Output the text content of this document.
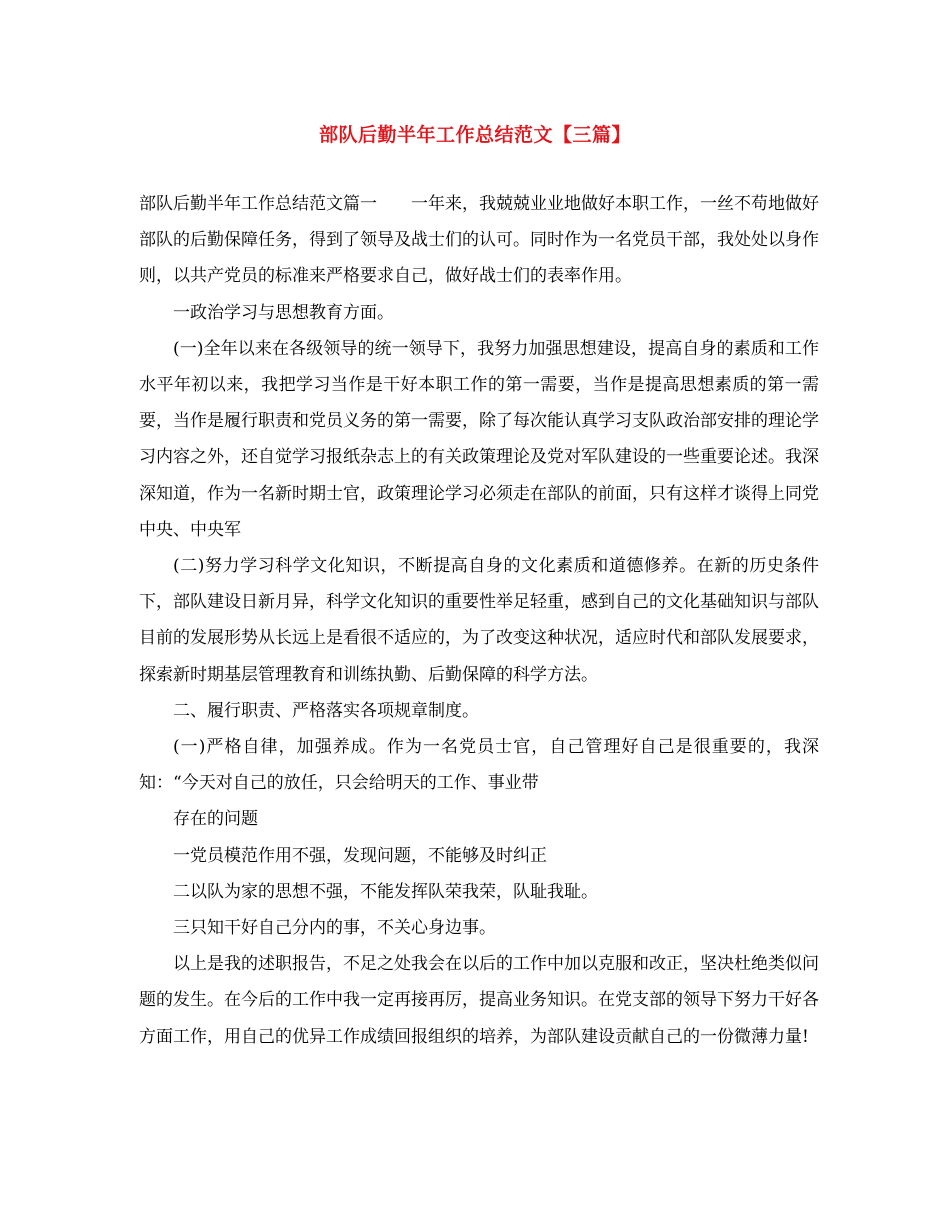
部队后勤半年工作总结范文【三篇】

部队后勤半年工作总结范文篇一 一年来，我兢兢业业地做好本职工作，一丝不苟地做好部队的后勤保障任务，得到了领导及战士们的认可。同时作为一名党员干部，我处处以身作则，以共产党员的标准来严格要求自己，做好战士们的表率作用。

一政治学习与思想教育方面。

(一)全年以来在各级领导的统一领导下，我努力加强思想建设，提高自身的素质和工作水平年初以来，我把学习当作是干好本职工作的第一需要，当作是提高思想素质的第一需要，当作是履行职责和党员义务的第一需要，除了每次能认真学习支队政治部安排的理论学习内容之外，还自觉学习报纸杂志上的有关政策理论及党对军队建设的一些重要论述。我深深知道，作为一名新时期士官，政策理论学习必须走在部队的前面，只有这样才谈得上同党中央、中央军

(二)努力学习科学文化知识，不断提高自身的文化素质和道德修养。在新的历史条件下，部队建设日新月异，科学文化知识的重要性举足轻重，感到自己的文化基础知识与部队目前的发展形势从长远上是看很不适应的，为了改变这种状况，适应时代和部队发展要求，探索新时期基层管理教育和训练执勤、后勤保障的科学方法。

二、履行职责、严格落实各项规章制度。

(一)严格自律，加强养成。作为一名党员士官，自己管理好自己是很重要的，我深知：“今天对自己的放任，只会给明天的工作、事业带

存在的问题

一党员模范作用不强，发现问题，不能够及时纠正

二以队为家的思想不强，不能发挥队荣我荣，队耻我耻。

三只知干好自己分内的事，不关心身边事。

以上是我的述职报告，不足之处我会在以后的工作中加以克服和改正，坚决杜绝类似问题的发生。在今后的工作中我一定再接再厉，提高业务知识。在党支部的领导下努力干好各方面工作，用自己的优异工作成绩回报组织的培养，为部队建设贡献自己的一份微薄力量!
